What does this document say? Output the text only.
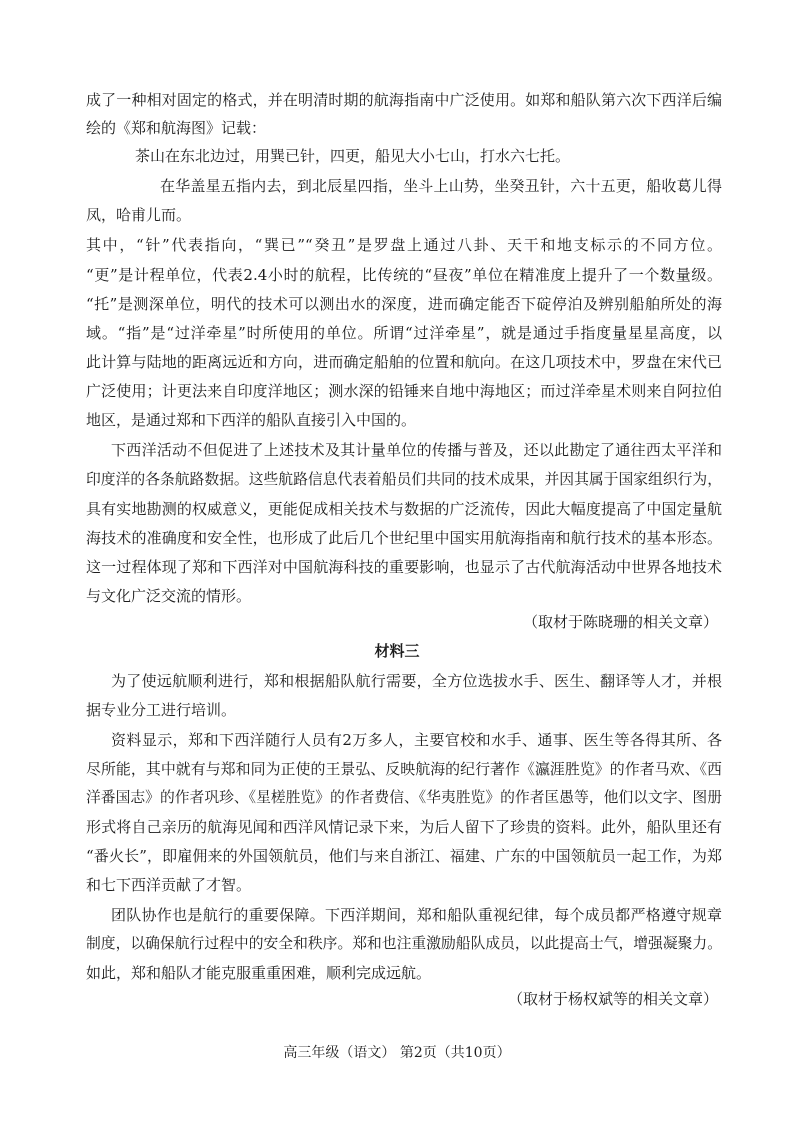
成了一种相对固定的格式，并在明清时期的航海指南中广泛使用。如郑和船队第六次下西洋后编

绘的《郑和航海图》记载：

茶山在东北边过，用巽已针，四更，船见大小七山，打水六七托。

在华盖星五指内去，到北辰星四指，坐斗上山势，坐癸丑针，六十五更，船收葛儿得

凤，哈甫儿而。

其中，“针”代表指向，“巽已”“癸丑”是罗盘上通过八卦、天干和地支标示的不同方位。

“更”是计程单位，代表2.4小时的航程，比传统的“昼夜”单位在精准度上提升了一个数量级。

“托”是测深单位，明代的技术可以测出水的深度，进而确定能否下碇停泊及辨别船舶所处的海

域。“指”是“过洋牵星”时所使用的单位。所谓“过洋牵星”，就是通过手指度量星星高度，以

此计算与陆地的距离远近和方向，进而确定船舶的位置和航向。在这几项技术中，罗盘在宋代已

广泛使用；计更法来自印度洋地区；测水深的铅锤来自地中海地区；而过洋牵星术则来自阿拉伯

地区，是通过郑和下西洋的船队直接引入中国的。

下西洋活动不但促进了上述技术及其计量单位的传播与普及，还以此勘定了通往西太平洋和

印度洋的各条航路数据。这些航路信息代表着船员们共同的技术成果，并因其属于国家组织行为，

具有实地勘测的权威意义，更能促成相关技术与数据的广泛流传，因此大幅度提高了中国定量航

海技术的准确度和安全性，也形成了此后几个世纪里中国实用航海指南和航行技术的基本形态。

这一过程体现了郑和下西洋对中国航海科技的重要影响，也显示了古代航海活动中世界各地技术

与文化广泛交流的情形。

（取材于陈晓珊的相关文章）

材料三

为了使远航顺利进行，郑和根据船队航行需要，全方位选拔水手、医生、翻译等人才，并根

据专业分工进行培训。

资料显示，郑和下西洋随行人员有2万多人，主要官校和水手、通事、医生等各得其所、各

尽所能，其中就有与郑和同为正使的王景弘、反映航海的纪行著作《瀛涯胜览》的作者马欢、《西

洋番国志》的作者巩珍、《星槎胜览》的作者费信、《华夷胜览》的作者匡愚等，他们以文字、图册

形式将自己亲历的航海见闻和西洋风情记录下来，为后人留下了珍贵的资料。此外，船队里还有

“番火长”，即雇佣来的外国领航员，他们与来自浙江、福建、广东的中国领航员一起工作，为郑

和七下西洋贡献了才智。

团队协作也是航行的重要保障。下西洋期间，郑和船队重视纪律，每个成员都严格遵守规章

制度，以确保航行过程中的安全和秩序。郑和也注重激励船队成员，以此提高士气，增强凝聚力。

如此，郑和船队才能克服重重困难，顺利完成远航。

（取材于杨权斌等的相关文章）

高三年级（语文） 第2页（共10页）
